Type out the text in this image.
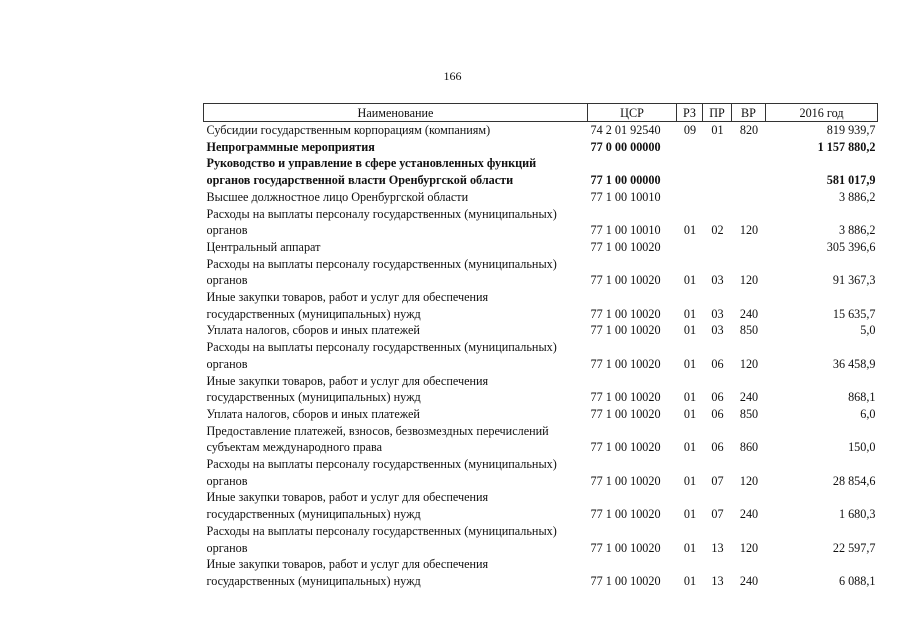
166
Наименование	ЦСР	РЗ	ПР	ВР	2016 год

Субсидии государственным корпорациям (компаниям)	74 2 01 92540	09	01	820	819 939,7

Непрограммные мероприятия	77 0 00 00000				1 157 880,2

Руководство и управление в сфере установленных функций
органов государственной власти Оренбургской области	77 1 00 00000				581 017,9

Высшее должностное лицо Оренбургской области	77 1 00 10010				3 886,2

Расходы на выплаты персоналу государственных (муниципальных)
органов	77 1 00 10010	01	02	120	3 886,2

Центральный аппарат	77 1 00 10020				305 396,6

Расходы на выплаты персоналу государственных (муниципальных)
органов	77 1 00 10020	01	03	120	91 367,3

Иные закупки товаров, работ и услуг для обеспечения
государственных (муниципальных) нужд	77 1 00 10020	01	03	240	15 635,7

Уплата налогов, сборов и иных платежей	77 1 00 10020	01	03	850	5,0

Расходы на выплаты персоналу государственных (муниципальных)
органов	77 1 00 10020	01	06	120	36 458,9

Иные закупки товаров, работ и услуг для обеспечения
государственных (муниципальных) нужд	77 1 00 10020	01	06	240	868,1

Уплата налогов, сборов и иных платежей	77 1 00 10020	01	06	850	6,0

Предоставление платежей, взносов, безвозмездных перечислений
субъектам международного права	77 1 00 10020	01	06	860	150,0

Расходы на выплаты персоналу государственных (муниципальных)
органов	77 1 00 10020	01	07	120	28 854,6

Иные закупки товаров, работ и услуг для обеспечения
государственных (муниципальных) нужд	77 1 00 10020	01	07	240	1 680,3

Расходы на выплаты персоналу государственных (муниципальных)
органов	77 1 00 10020	01	13	120	22 597,7

Иные закупки товаров, работ и услуг для обеспечения
государственных (муниципальных) нужд	77 1 00 10020	01	13	240	6 088,1
